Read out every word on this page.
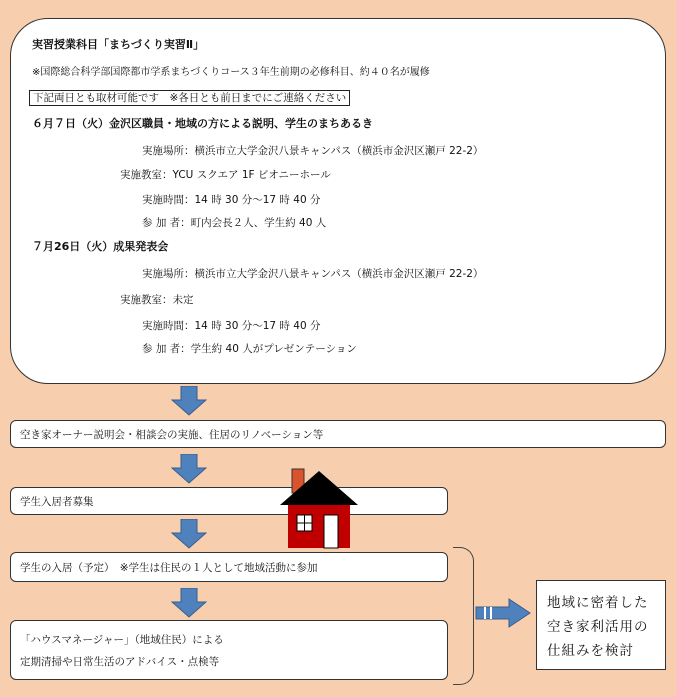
実習授業科目「まちづくり実習Ⅱ」
※国際総合科学部国際都市学系まちづくりコース３年生前期の必修科目、約４０名が履修
下記両日とも取材可能です　※各日とも前日までにご連絡ください
６月７日（火）金沢区職員・地域の方による説明、学生のまちあるき
実施場所：横浜市立大学金沢八景キャンパス（横浜市金沢区瀬戸 22-2）
実施教室：YCU スクエア 1F ビオニーホール
実施時間：14 時 30 分～17 時 40 分
参 加 者：町内会長２人、学生約 40 人
７月26日（火）成果発表会
実施場所：横浜市立大学金沢八景キャンパス（横浜市金沢区瀬戸 22-2）
実施教室：未定
実施時間：14 時 30 分～17 時 40 分
参 加 者：学生約 40 人がプレゼンテーション
空き家オーナー説明会・相談会の実施、住居のリノベーション等
学生入居者募集
学生の入居（予定）　※学生は住民の１人として地域活動に参加
「ハウスマネージャー」（地域住民）による
定期清掃や日常生活のアドバイス・点検等
地域に密着した
空き家利活用の
仕組みを検討
